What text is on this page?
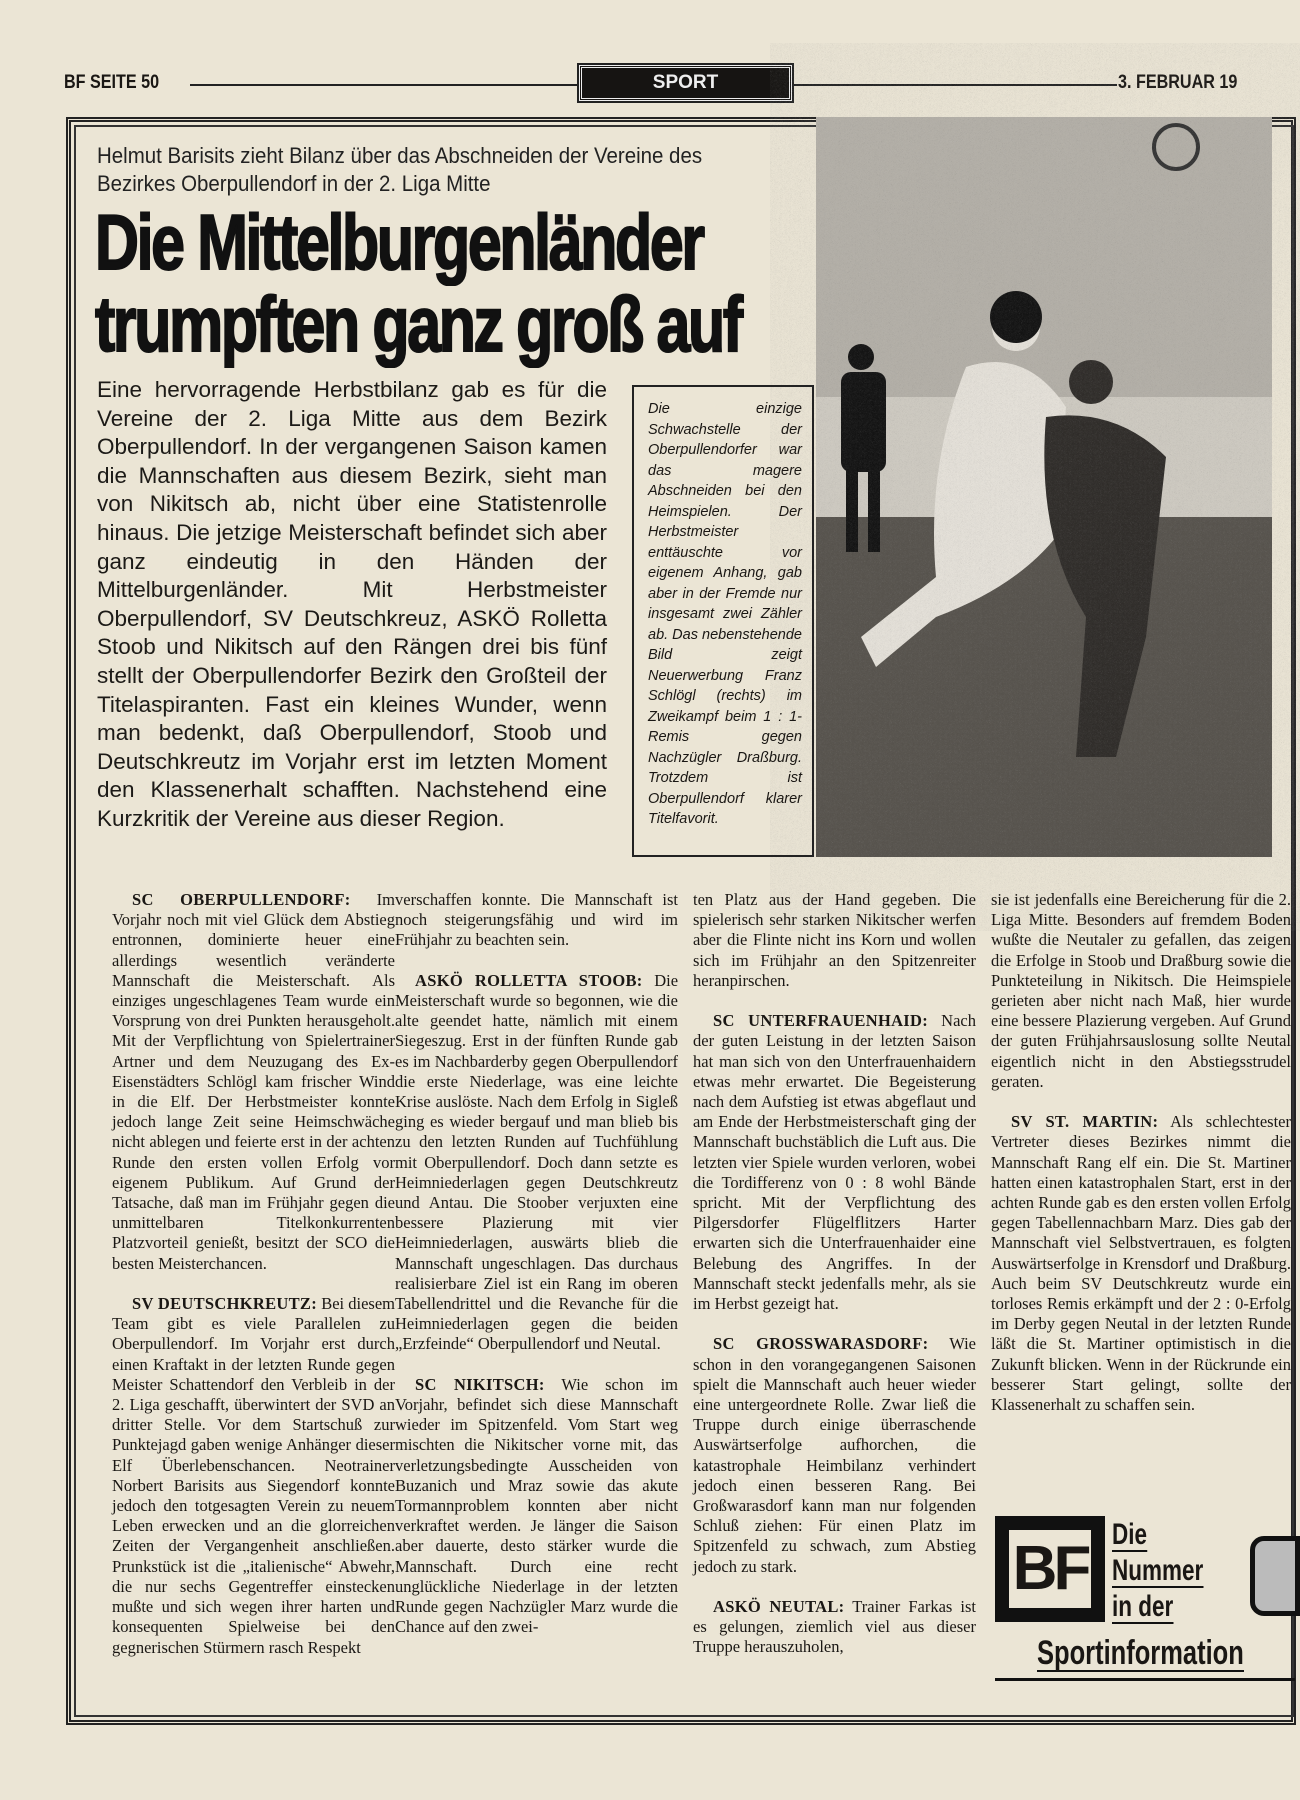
BF SEITE 50	SPORT	3. FEBRUAR 19
Helmut Barisits zieht Bilanz über das Abschneiden der Vereine des Bezirkes Oberpullendorf in der 2. Liga Mitte
Die Mittelburgenländer
trumpften ganz groß auf
Eine hervorragende Herbstbilanz gab es für die Vereine der 2. Liga Mitte aus dem Bezirk Oberpullendorf. In der vergangenen Saison kamen die Mannschaften aus diesem Bezirk, sieht man von Nikitsch ab, nicht über eine Statistenrolle hinaus. Die jetzige Meisterschaft befindet sich aber ganz eindeutig in den Händen der Mittelburgenländer. Mit Herbstmeister Oberpullendorf, SV Deutschkreuz, ASKÖ Rolletta Stoob und Nikitsch auf den Rängen drei bis fünf stellt der Oberpullendorfer Bezirk den Großteil der Titelaspiranten. Fast ein kleines Wunder, wenn man bedenkt, daß Oberpullendorf, Stoob und Deutschkreutz im Vorjahr erst im letzten Moment den Klassenerhalt schafften. Nachstehend eine Kurzkritik der Vereine aus dieser Region.
Die einzige Schwachstelle der Oberpullendorfer war das magere Abschneiden bei den Heimspielen. Der Herbstmeister enttäuschte vor eigenem Anhang, gab aber in der Fremde nur insgesamt zwei Zähler ab. Das nebenstehende Bild zeigt Neuerwerbung Franz Schlögl (rechts) im Zweikampf beim 1 : 1-Remis gegen Nachzügler Draßburg. Trotzdem ist Oberpullendorf klarer Titelfavorit.

SC OBERPULLENDORF: Im Vorjahr noch mit viel Glück dem Abstieg entronnen, dominierte heuer eine allerdings wesentlich veränderte Mannschaft die Meisterschaft. Als einziges ungeschlagenes Team wurde ein Vorsprung von drei Punkten herausgeholt. Mit der Verpflichtung von Spielertrainer Artner und dem Neuzugang des Ex-Eisenstädters Schlögl kam frischer Wind in die Elf. Der Herbstmeister konnte jedoch lange Zeit seine Heimschwäche nicht ablegen und feierte erst in der achten Runde den ersten vollen Erfolg vor eigenem Publikum. Auf Grund der Tatsache, daß man im Frühjahr gegen die unmittelbaren Titelkonkurrenten Platzvorteil genießt, besitzt der SCO die besten Meisterchancen.

SV DEUTSCHKREUTZ: Bei diesem Team gibt es viele Parallelen zu Oberpullendorf. Im Vorjahr erst durch einen Kraftakt in der letzten Runde gegen Meister Schattendorf den Verbleib in der 2. Liga geschafft, überwintert der SVD an dritter Stelle. Vor dem Startschuß zur Punktejagd gaben wenige Anhänger dieser Elf Überlebenschancen. Neotrainer Norbert Barisits aus Siegendorf konnte jedoch den totgesagten Verein zu neuem Leben erwecken und an die glorreichen Zeiten der Vergangenheit anschließen. Prunkstück ist die „italienische“ Abwehr, die nur sechs Gegentreffer einstecken mußte und sich wegen ihrer harten und konsequenten Spielweise bei den gegnerischen Stürmern rasch Respekt

verschaffen konnte. Die Mannschaft ist noch steigerungsfähig und wird im Frühjahr zu beachten sein.

ASKÖ ROLLETTA STOOB: Die Meisterschaft wurde so begonnen, wie die alte geendet hatte, nämlich mit einem Siegeszug. Erst in der fünften Runde gab es im Nachbarderby gegen Oberpullendorf die erste Niederlage, was eine leichte Krise auslöste. Nach dem Erfolg in Sigleß ging es wieder bergauf und man blieb bis zu den letzten Runden auf Tuchfühlung mit Oberpullendorf. Doch dann setzte es Heimniederlagen gegen Deutschkreutz und Antau. Die Stoober verjuxten eine bessere Plazierung mit vier Heimniederlagen, auswärts blieb die Mannschaft ungeschlagen. Das durchaus realisierbare Ziel ist ein Rang im oberen Tabellendrittel und die Revanche für die Heimniederlagen gegen die beiden „Erzfeinde“ Oberpullendorf und Neutal.

SC NIKITSCH: Wie schon im Vorjahr, befindet sich diese Mannschaft wieder im Spitzenfeld. Vom Start weg mischten die Nikitscher vorne mit, das verletzungsbedingte Ausscheiden von Buzanich und Mraz sowie das akute Tormannproblem konnten aber nicht verkraftet werden. Je länger die Saison aber dauerte, desto stärker wurde die Mannschaft. Durch eine recht unglückliche Niederlage in der letzten Runde gegen Nachzügler Marz wurde die Chance auf den zwei-

ten Platz aus der Hand gegeben. Die spielerisch sehr starken Nikitscher werfen aber die Flinte nicht ins Korn und wollen sich im Frühjahr an den Spitzenreiter heranpirschen.

SC UNTERFRAUENHAID: Nach der guten Leistung in der letzten Saison hat man sich von den Unterfrauenhaidern etwas mehr erwartet. Die Begeisterung nach dem Aufstieg ist etwas abgeflaut und am Ende der Herbstmeisterschaft ging der Mannschaft buchstäblich die Luft aus. Die letzten vier Spiele wurden verloren, wobei die Tordifferenz von 0 : 8 wohl Bände spricht. Mit der Verpflichtung des Pilgersdorfer Flügelflitzers Harter erwarten sich die Unterfrauenhaider eine Belebung des Angriffes. In der Mannschaft steckt jedenfalls mehr, als sie im Herbst gezeigt hat.

SC GROSSWARASDORF: Wie schon in den vorangegangenen Saisonen spielt die Mannschaft auch heuer wieder eine untergeordnete Rolle. Zwar ließ die Truppe durch einige überraschende Auswärtserfolge aufhorchen, die katastrophale Heimbilanz verhindert jedoch einen besseren Rang. Bei Großwarasdorf kann man nur folgenden Schluß ziehen: Für einen Platz im Spitzenfeld zu schwach, zum Abstieg jedoch zu stark.

ASKÖ NEUTAL: Trainer Farkas ist es gelungen, ziemlich viel aus dieser Truppe herauszuholen,

sie ist jedenfalls eine Bereicherung für die 2. Liga Mitte. Besonders auf fremdem Boden wußte die Neutaler zu gefallen, das zeigen die Erfolge in Stoob und Draßburg sowie die Punkteteilung in Nikitsch. Die Heimspiele gerieten aber nicht nach Maß, hier wurde eine bessere Plazierung vergeben. Auf Grund der guten Frühjahrsauslosung sollte Neutal eigentlich nicht in den Abstiegsstrudel geraten.

SV ST. MARTIN: Als schlechtester Vertreter dieses Bezirkes nimmt die Mannschaft Rang elf ein. Die St. Martiner hatten einen katastrophalen Start, erst in der achten Runde gab es den ersten vollen Erfolg gegen Tabellennachbarn Marz. Dies gab der Mannschaft viel Selbstvertrauen, es folgten Auswärtserfolge in Krensdorf und Draßburg. Auch beim SV Deutschkreutz wurde ein torloses Remis erkämpft und der 2 : 0-Erfolg im Derby gegen Neutal in der letzten Runde läßt die St. Martiner optimistisch in die Zukunft blicken. Wenn in der Rückrunde ein besserer Start gelingt, sollte der Klassenerhalt zu schaffen sein.

BF Die
Nummer
in der
Sportinformation
